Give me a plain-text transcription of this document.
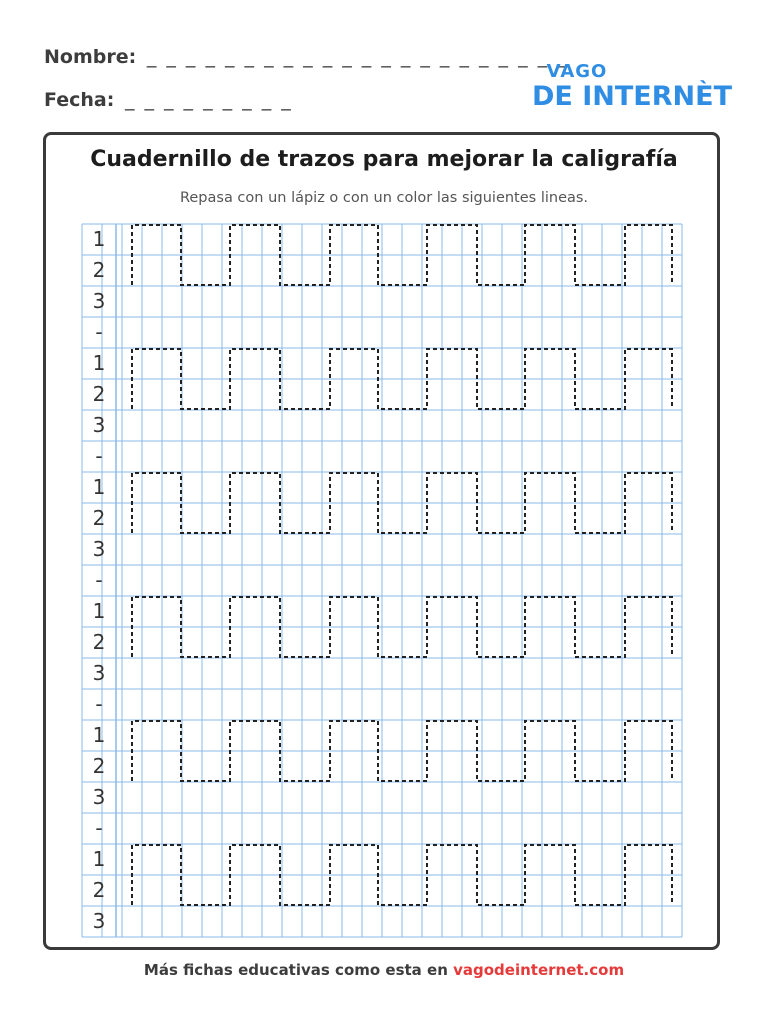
Nombre: _ _ _ _ _ _ _ _ _ _ _ _ _ _ _ _ _ _ _ _ _ _
Fecha: _ _ _ _ _ _ _ _ _
VAGO
DE INTERNÈT
Cuadernillo de trazos para mejorar la caligrafía
Repasa con un lápiz o con un color las siguientes lineas.
1
2
3
-
1
2
3
-
1
2
3
-
1
2
3
-
1
2
3
-
1
2
3
Más fichas educativas como esta en vagodeinternet.com
